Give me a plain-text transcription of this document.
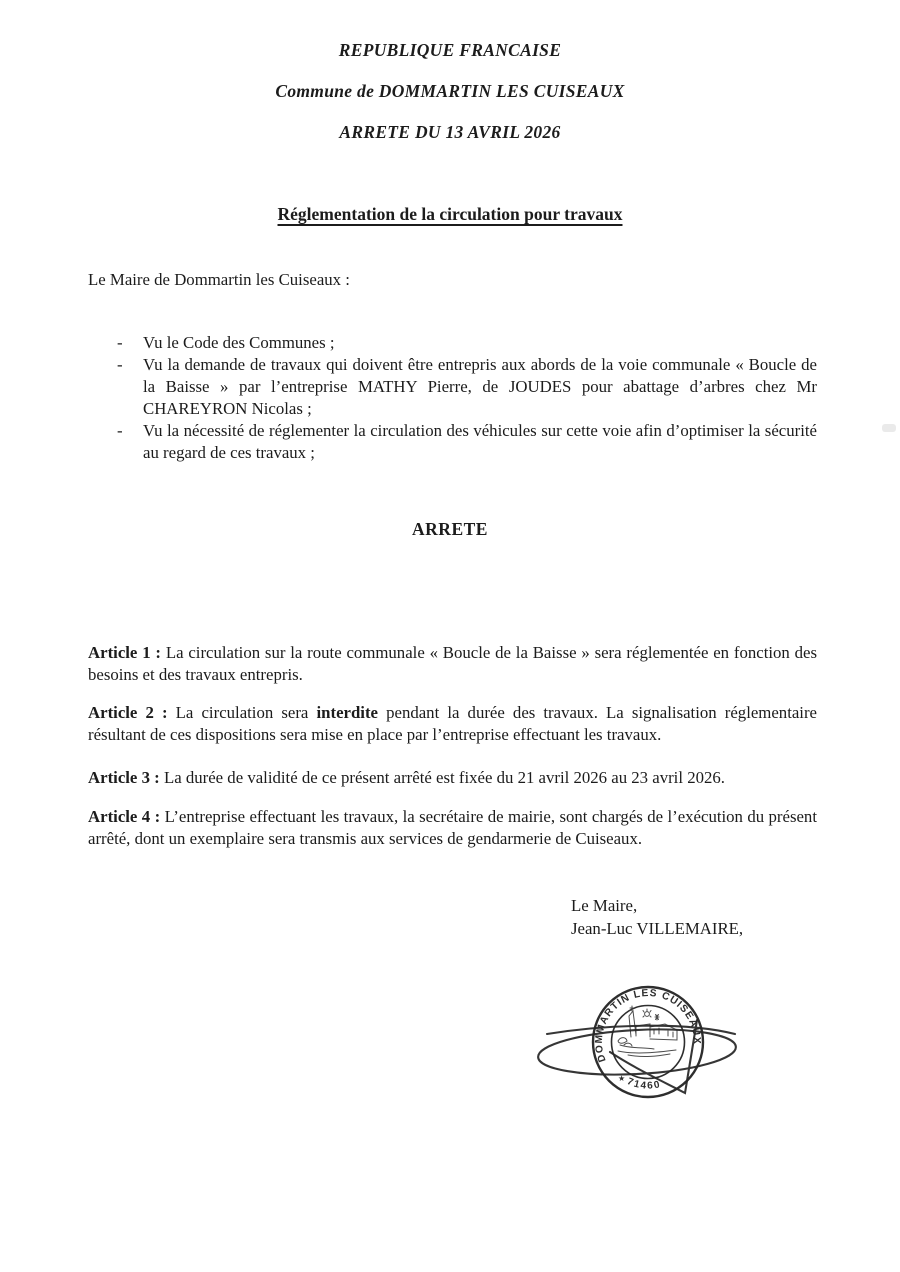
REPUBLIQUE FRANCAISE
Commune de DOMMARTIN LES CUISEAUX
ARRETE DU 13 AVRIL 2026
Réglementation de la circulation pour travaux
Le Maire de Dommartin les Cuiseaux :
- Vu le Code des Communes ;
- Vu la demande de travaux qui doivent être entrepris aux abords de la voie communale « Boucle de la Baisse » par l’entreprise MATHY Pierre, de JOUDES pour abattage d’arbres chez Mr CHAREYRON Nicolas ;
- Vu la nécessité de réglementer la circulation des véhicules sur cette voie afin d’optimiser la sécurité au regard de ces travaux ;
ARRETE

Article 1 : La circulation sur la route communale « Boucle de la Baisse » sera réglementée en fonction des besoins et des travaux entrepris.

Article 2 : La circulation sera interdite pendant la durée des travaux. La signalisation réglementaire résultant de ces dispositions sera mise en place par l’entreprise effectuant les travaux.

Article 3 : La durée de validité de ce présent arrêté est fixée du 21 avril 2026 au 23 avril 2026.

Article 4 : L’entreprise effectuant les travaux, la secrétaire de mairie, sont chargés de l’exécution du présent arrêté, dont un exemplaire sera transmis aux services de gendarmerie de Cuiseaux.

Le Maire,
Jean-Luc VILLEMAIRE,
DOMMARTIN LES CUISEAUX
71460
★
